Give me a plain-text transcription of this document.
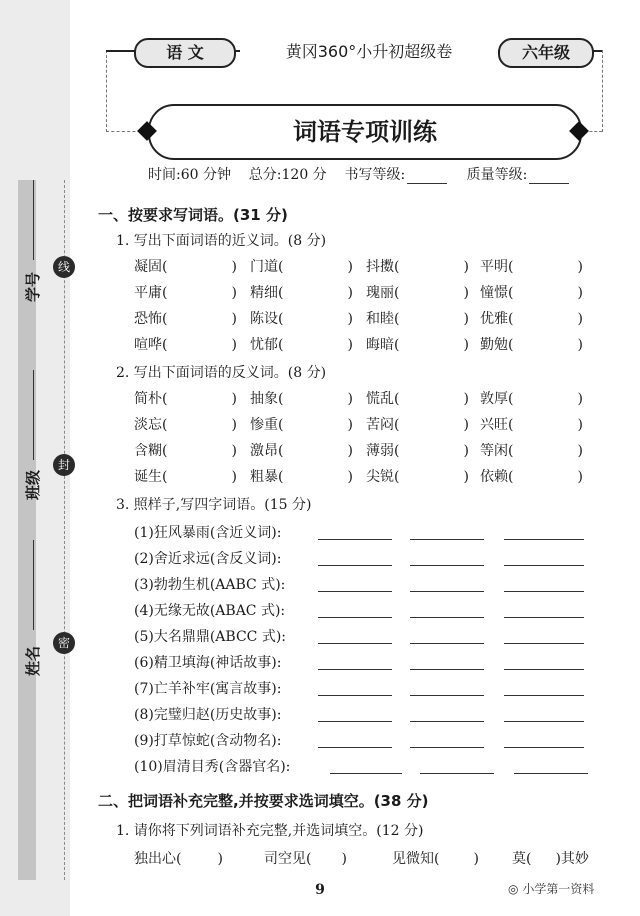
学号
线
班级
封
姓名
密
语 文	黄冈360°小升初超级卷	六年级
词语专项训练
时间:60 分钟 总分:120 分 书写等级:	质量等级:
一、按要求写词语。(31 分)
1. 写出下面词语的近义词。(8 分)
凝固(	) 门道(	) 抖擞(	) 平明(	)
平庸(	) 精细(	) 瑰丽(	) 憧憬(	)
恐怖(	) 陈设(	) 和睦(	) 优雅(	)
喧哗(	) 忧郁(	) 晦暗(	) 勤勉(	)
2. 写出下面词语的反义词。(8 分)
简朴(	) 抽象(	) 慌乱(	) 敦厚(	)
淡忘(	) 惨重(	) 苦闷(	) 兴旺(	)
含糊(	) 激昂(	) 薄弱(	) 等闲(	)
诞生(	) 粗暴(	) 尖锐(	) 依赖(	)
3. 照样子,写四字词语。(15 分)
(1)狂风暴雨(含近义词):
(2)舍近求远(含反义词):
(3)勃勃生机(AABC 式):
(4)无缘无故(ABAC 式):
(5)大名鼎鼎(ABCC 式):
(6)精卫填海(神话故事):
(7)亡羊补牢(寓言故事):
(8)完璧归赵(历史故事):
(9)打草惊蛇(含动物名):
(10)眉清目秀(含器官名):
二、把词语补充完整,并按要求选词填空。(38 分)
1. 请你将下列词语补充完整,并选词填空。(12 分)
独出心(	)	司空见( )	见微知( ) 莫( )其妙
9	◎ 小学第一资料
